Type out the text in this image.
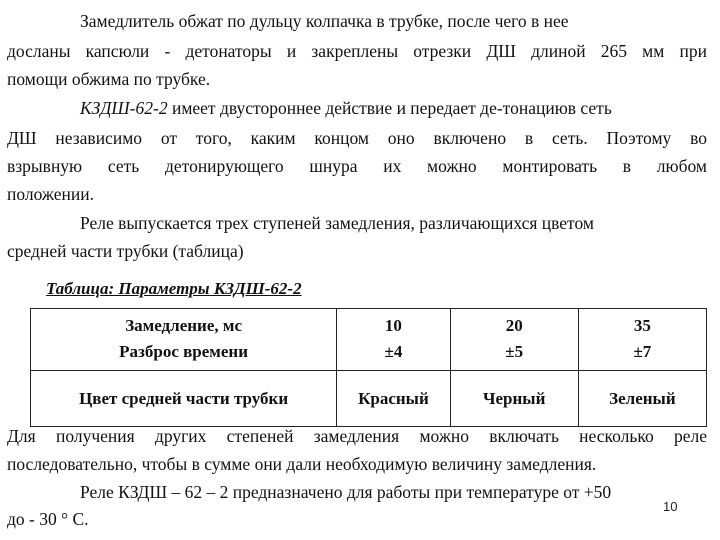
Замедлитель обжат по дульцу колпачка в трубке, после чего в нее
досланы капсюли - детонаторы и закреплены отрезки ДШ длиной 265 мм при
помощи обжима по трубке.
КЗДШ-62-2 имеет двустороннее действие и передает де-тонациюв сеть
ДШ независимо от того, каким концом оно включено в сеть. Поэтому во
взрывную сеть детонирующего шнура их можно монтировать в любом
положении.
Реле выпускается трех ступеней замедления, различающихся цветом
средней части трубки (таблица)
Таблица: Параметры КЗДШ-62-2
Замедление, мс	10	20	35
Разброс времени	±4	±5	±7
Цвет средней части трубки	Красный	Черный	Зеленый
Для получения других степеней замедления можно включать несколько реле
последовательно, чтобы в сумме они дали необходимую величину замедления.
Реле КЗДШ – 62 – 2 предназначено для работы при температуре от +50
до - 30 ° С.
10
